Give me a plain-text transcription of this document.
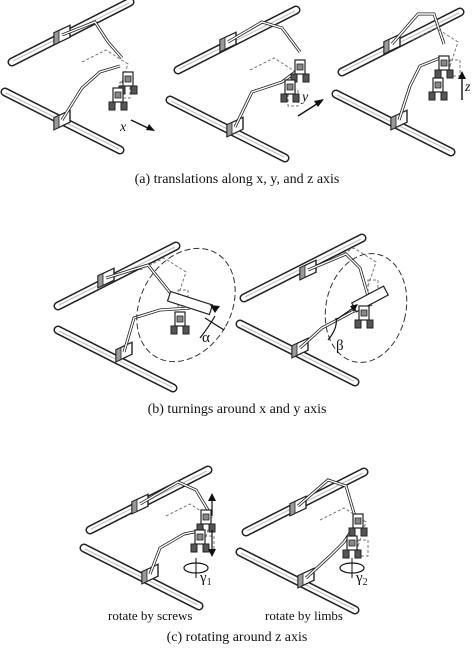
x
y
z
α	β
$\gamma_1$	$\gamma_2$
(a) translations along x, y, and z axis
(b) turnings around x and y axis
rotate by screws	rotate by limbs
(c) rotating around z axis
